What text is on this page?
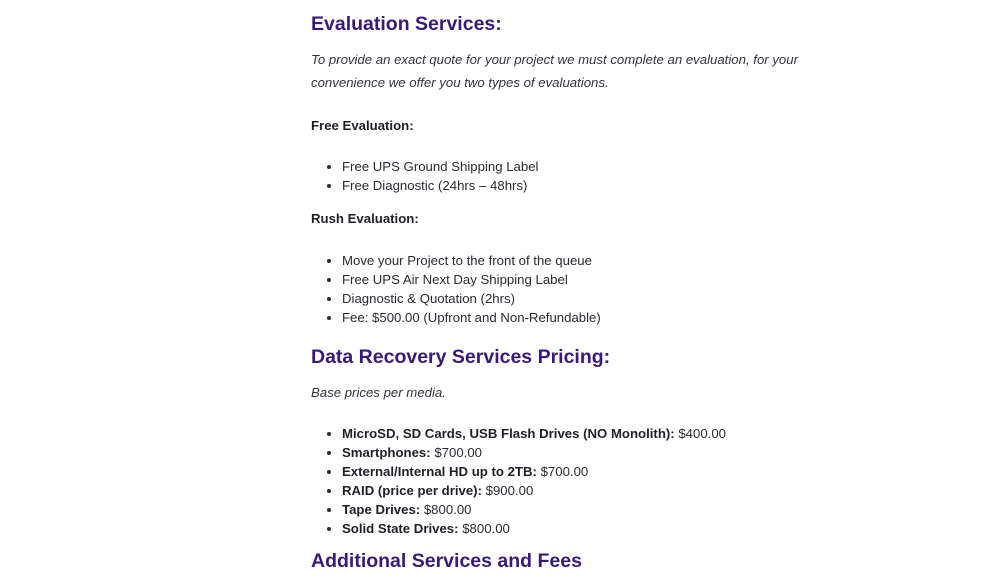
Evaluation Services:

To provide an exact quote for your project we must complete an evaluation, for your convenience we offer you two types of evaluations.

Free Evaluation:

• Free UPS Ground Shipping Label
• Free Diagnostic (24hrs – 48hrs)

Rush Evaluation:

• Move your Project to the front of the queue
• Free UPS Air Next Day Shipping Label
• Diagnostic & Quotation (2hrs)
• Fee: $500.00 (Upfront and Non-Refundable)
Data Recovery Services Pricing:

Base prices per media.

• MicroSD, SD Cards, USB Flash Drives (NO Monolith): $400.00
• Smartphones: $700.00
• External/Internal HD up to 2TB: $700.00
• RAID (price per drive): $900.00
• Tape Drives: $800.00
• Solid State Drives: $800.00
Additional Services and Fees
